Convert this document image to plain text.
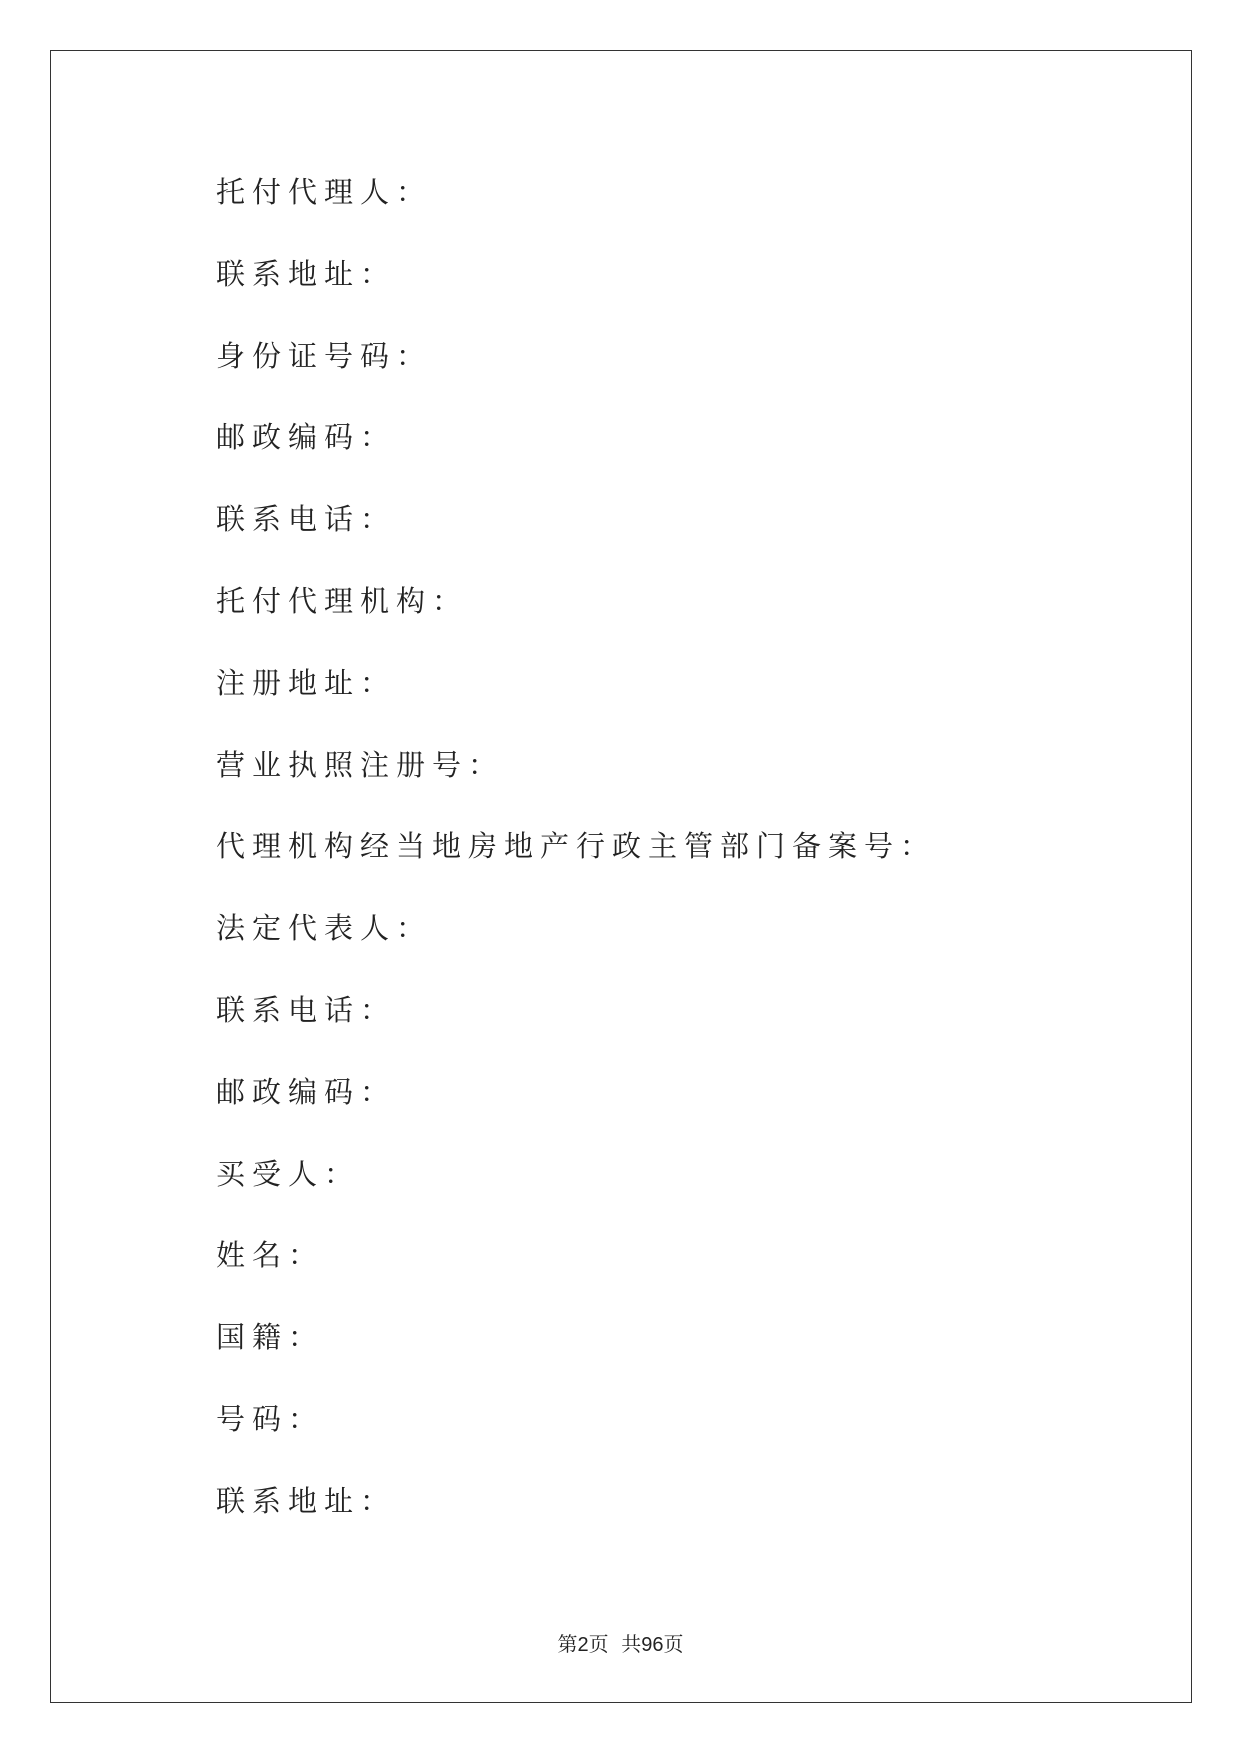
托付代理人：
联系地址：
身份证号码：
邮政编码：
联系电话：
托付代理机构：
注册地址：
营业执照注册号：
代理机构经当地房地产行政主管部门备案号：
法定代表人：
联系电话：
邮政编码：
买受人：
姓名：
国籍：
号码：
联系地址：
第2页  共96页
